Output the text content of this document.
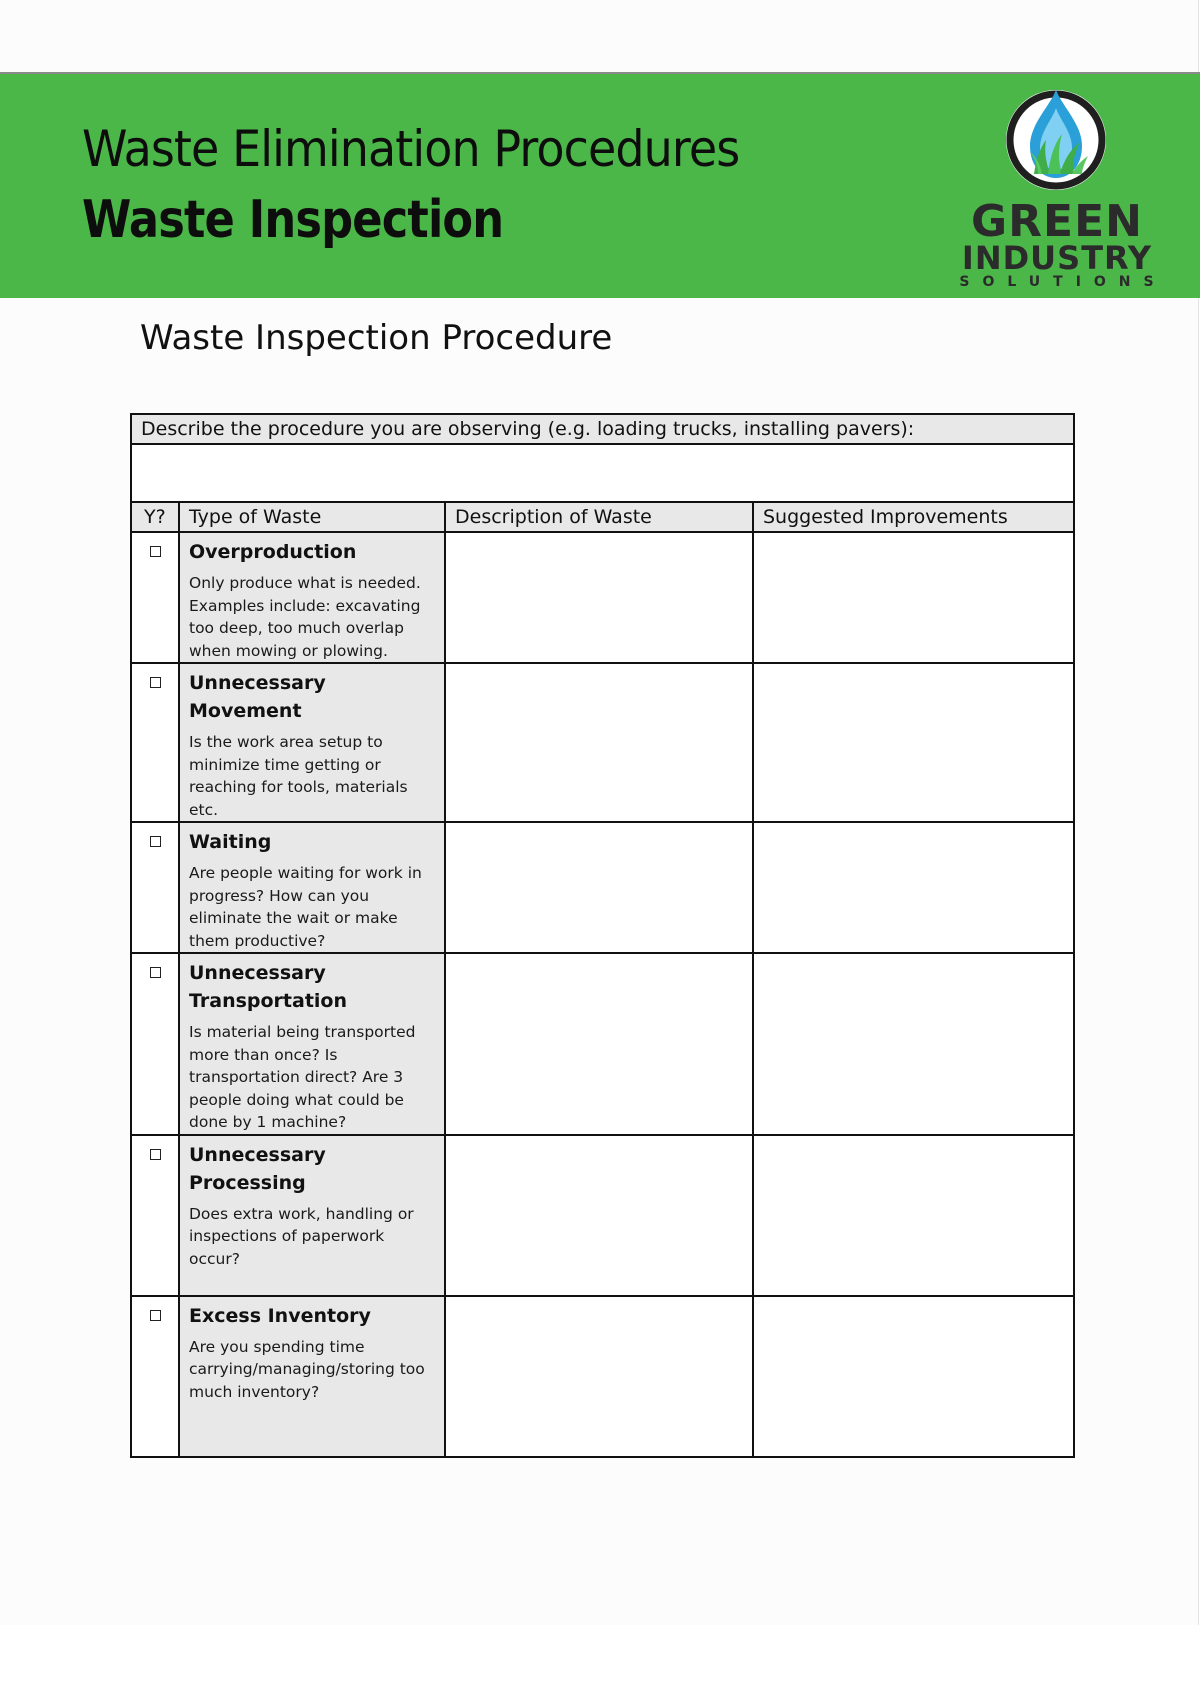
Waste Elimination Procedures
Waste Inspection	GREEN
INDUSTRY
SOLUTIONS
Waste Inspection Procedure
Describe the procedure you are observing (e.g. loading trucks, installing pavers):			

Y?	Type of Waste	Description of Waste	Suggested Improvements

	Overproduction
Only produce what is needed. Examples include: excavating too deep, too much overlap when mowing or plowing.		

	Unnecessary Movement
Is the work area setup to minimize time getting or reaching for tools, materials etc.		

	Waiting
Are people waiting for work in progress? How can you eliminate the wait or make them productive?		

	Unnecessary Transportation
Is material being transported more than once? Is transportation direct? Are 3 people doing what could be done by 1 machine?		

	Unnecessary Processing
Does extra work, handling or inspections of paperwork occur?		

	Excess Inventory
Are you spending time carrying/managing/storing too much inventory?		
